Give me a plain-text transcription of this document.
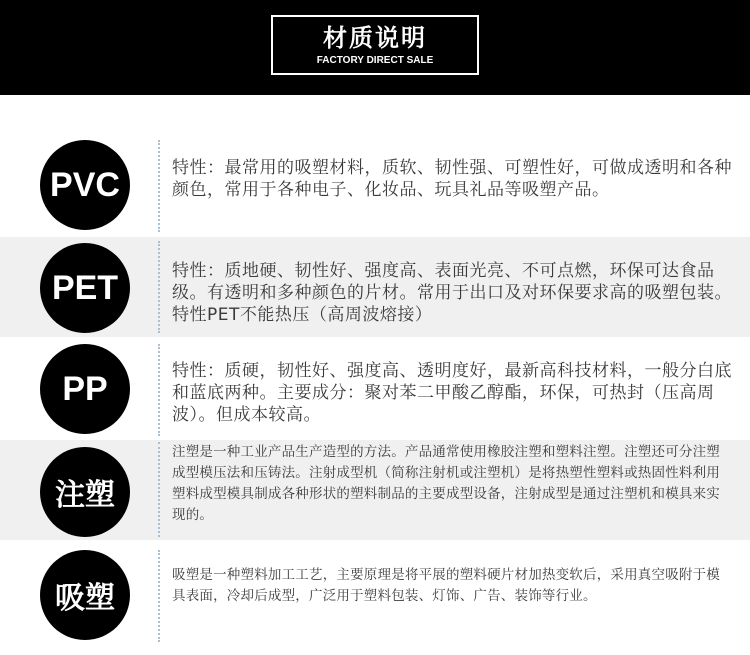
材质说明
FACTORY DIRECT SALE
PVC	特性：最常用的吸塑材料，质软、韧性强、可塑性好，可做成透明和各种颜色，常用于各种电子、化妆品、玩具礼品等吸塑产品。
PET	特性：质地硬、韧性好、强度高、表面光亮、不可点燃，环保可达食品级。有透明和多种颜色的片材。常用于出口及对环保要求高的吸塑包装。特性PET不能热压（高周波熔接）
PP	特性：质硬，韧性好、强度高、透明度好，最新高科技材料，一般分白底和蓝底两种。主要成分：聚对苯二甲酸乙醇酯，环保，可热封（压高周波）。但成本较高。
注塑
注塑是一种工业产品生产造型的方法。产品通常使用橡胶注塑和塑料注塑。注塑还可分注塑成型模压法和压铸法。注射成型机（简称注射机或注塑机）是将热塑性塑料或热固性料利用塑料成型模具制成各种形状的塑料制品的主要成型设备，注射成型是通过注塑机和模具来实现的。
吸塑
吸塑是一种塑料加工工艺，主要原理是将平展的塑料硬片材加热变软后，采用真空吸附于模具表面，冷却后成型，广泛用于塑料包装、灯饰、广告、装饰等行业。
